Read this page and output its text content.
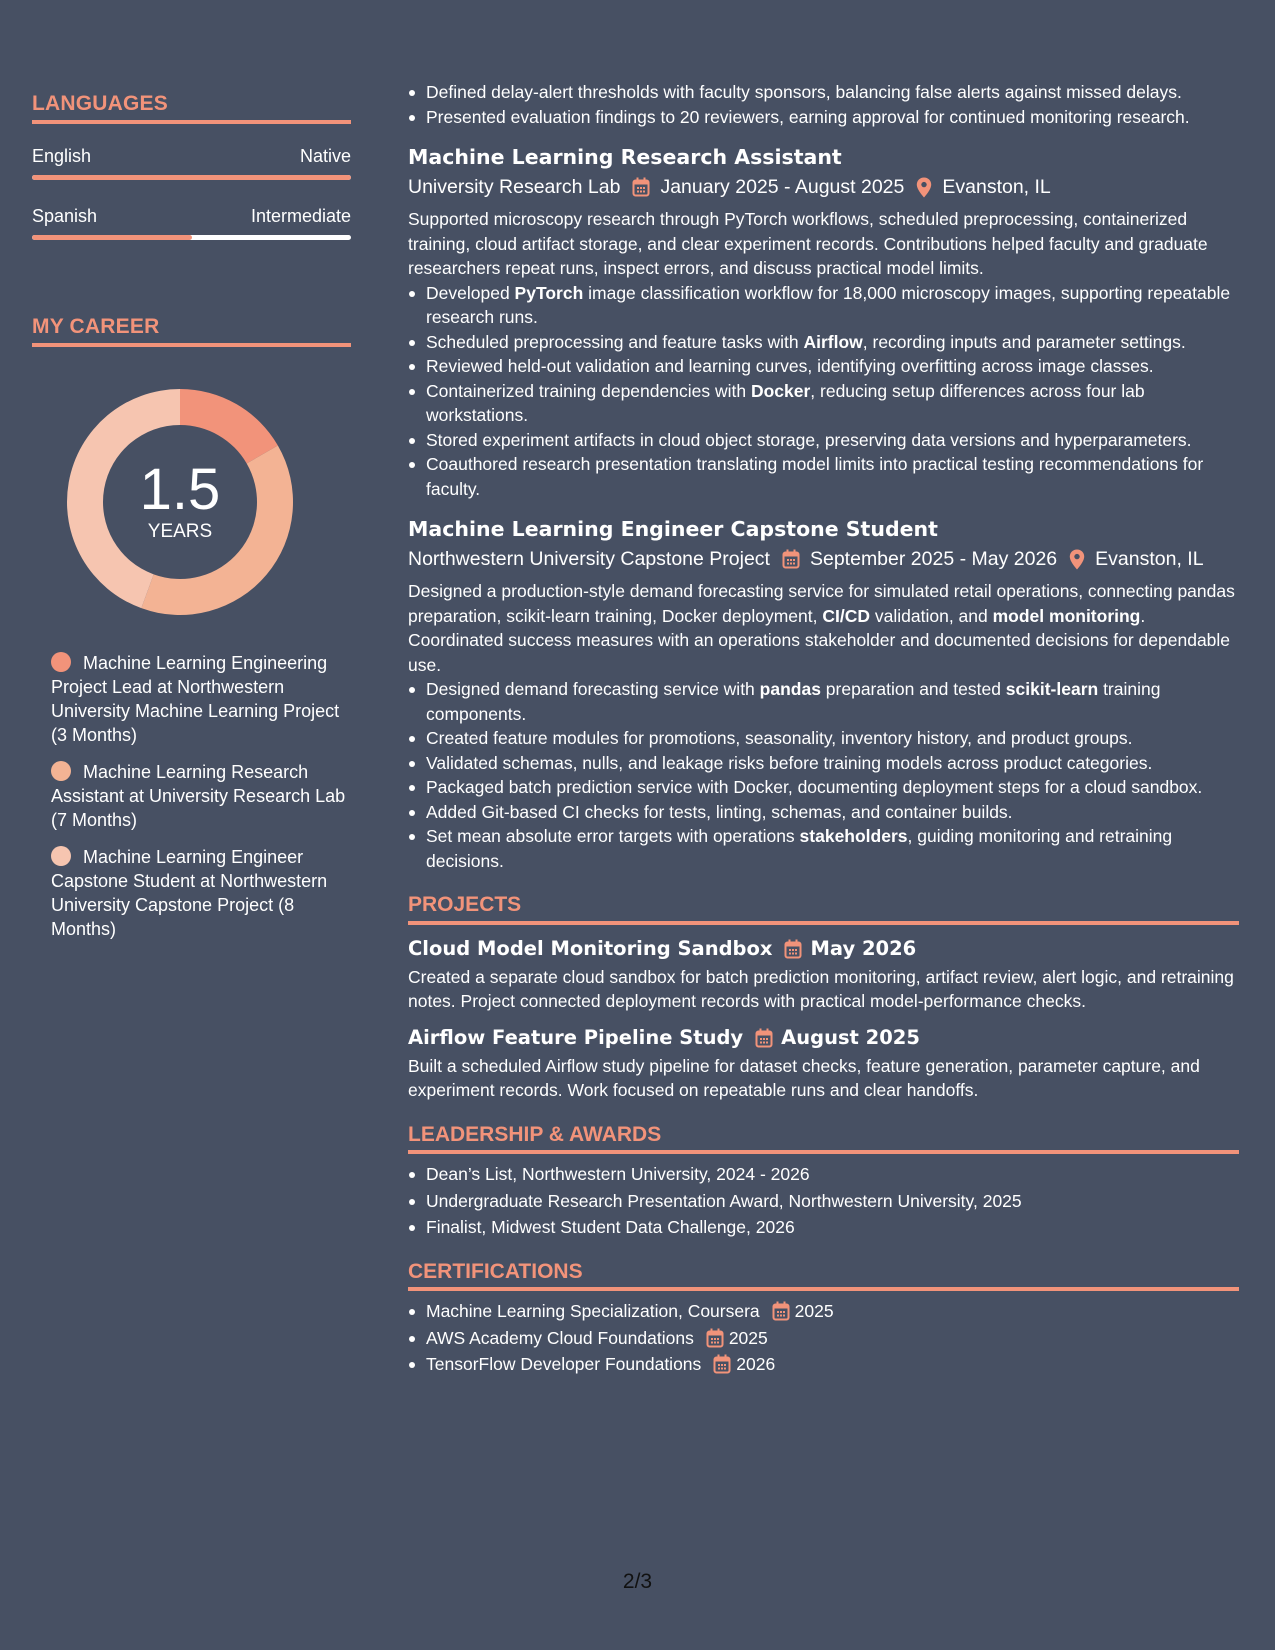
LANGUAGES
English	Native
Spanish	Intermediate
MY CAREER
1.5
YEARS
Machine Learning Engineering Project Lead at Northwestern University Machine Learning Project (3 Months)
Machine Learning Research Assistant at University Research Lab (7 Months)
Machine Learning Engineer Capstone Student at Northwestern University Capstone Project (8 Months)
Defined delay-alert thresholds with faculty sponsors, balancing false alerts against missed delays.
Presented evaluation findings to 20 reviewers, earning approval for continued monitoring research.
Machine Learning Research Assistant
University Research Lab January 2025 - August 2025 Evanston, IL
Supported microscopy research through PyTorch workflows, scheduled preprocessing, containerized training, cloud artifact storage, and clear experiment records. Contributions helped faculty and graduate researchers repeat runs, inspect errors, and discuss practical model limits.
Developed PyTorch image classification workflow for 18,000 microscopy images, supporting repeatable research runs.
Scheduled preprocessing and feature tasks with Airflow, recording inputs and parameter settings.
Reviewed held-out validation and learning curves, identifying overfitting across image classes.
Containerized training dependencies with Docker, reducing setup differences across four lab workstations.
Stored experiment artifacts in cloud object storage, preserving data versions and hyperparameters.
Coauthored research presentation translating model limits into practical testing recommendations for faculty.
Machine Learning Engineer Capstone Student
Northwestern University Capstone Project September 2025 - May 2026 Evanston, IL
Designed a production-style demand forecasting service for simulated retail operations, connecting pandas preparation, scikit-learn training, Docker deployment, CI/CD validation, and model monitoring. Coordinated success measures with an operations stakeholder and documented decisions for dependable use.
Designed demand forecasting service with pandas preparation and tested scikit-learn training components.
Created feature modules for promotions, seasonality, inventory history, and product groups.
Validated schemas, nulls, and leakage risks before training models across product categories.
Packaged batch prediction service with Docker, documenting deployment steps for a cloud sandbox.
Added Git-based CI checks for tests, linting, schemas, and container builds.
Set mean absolute error targets with operations stakeholders, guiding monitoring and retraining decisions.
PROJECTS
Cloud Model Monitoring Sandbox May 2026
Created a separate cloud sandbox for batch prediction monitoring, artifact review, alert logic, and retraining notes. Project connected deployment records with practical model-performance checks.
Airflow Feature Pipeline Study August 2025
Built a scheduled Airflow study pipeline for dataset checks, feature generation, parameter capture, and experiment records. Work focused on repeatable runs and clear handoffs.
LEADERSHIP & AWARDS
Dean’s List, Northwestern University, 2024 - 2026
Undergraduate Research Presentation Award, Northwestern University, 2025
Finalist, Midwest Student Data Challenge, 2026
CERTIFICATIONS
Machine Learning Specialization, Coursera 2025
AWS Academy Cloud Foundations 2025
TensorFlow Developer Foundations 2026
2/3
